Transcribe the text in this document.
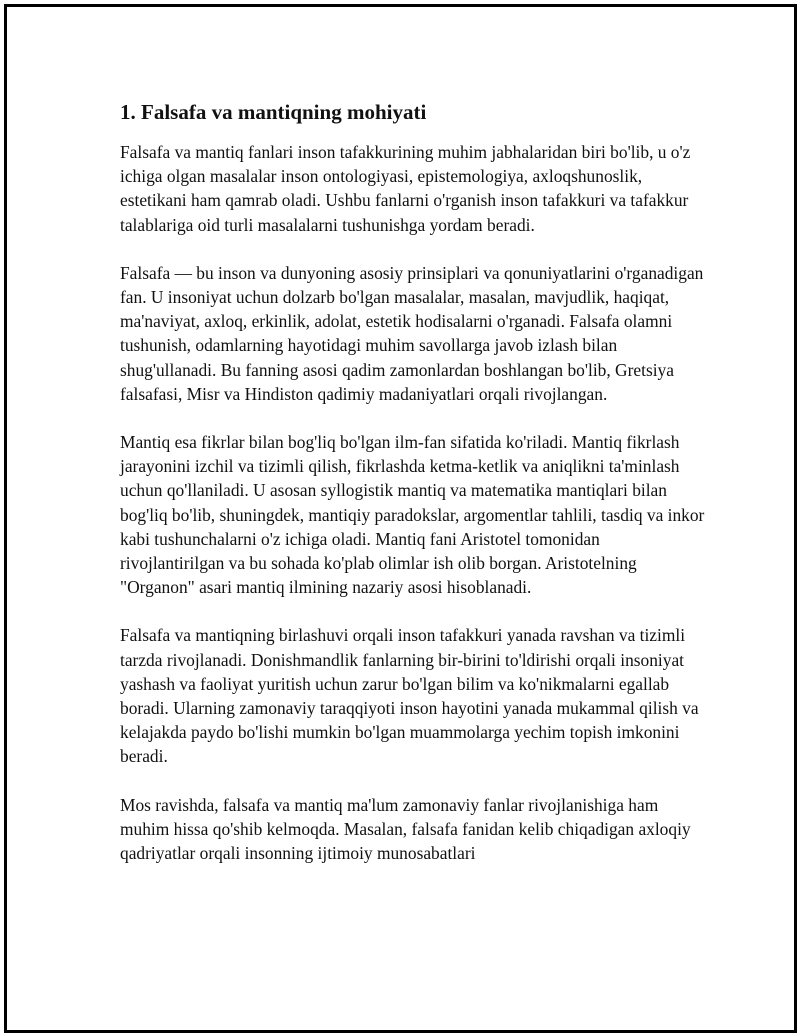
1. Falsafa va mantiqning mohiyati

Falsafa va mantiq fanlari inson tafakkurining muhim jabhalaridan biri bo'lib, u o'z ichiga olgan masalalar inson ontologiyasi, epistemologiya, axloqshunoslik, estetikani ham qamrab oladi. Ushbu fanlarni o'rganish inson tafakkuri va tafakkur talablariga oid turli masalalarni tushunishga yordam beradi.

Falsafa — bu inson va dunyoning asosiy prinsiplari va qonuniyatlarini o'rganadigan fan. U insoniyat uchun dolzarb bo'lgan masalalar, masalan, mavjudlik, haqiqat, ma'naviyat, axloq, erkinlik, adolat, estetik hodisalarni o'rganadi. Falsafa olamni tushunish, odamlarning hayotidagi muhim savollarga javob izlash bilan shug'ullanadi. Bu fanning asosi qadim zamonlardan boshlangan bo'lib, Gretsiya falsafasi, Misr va Hindiston qadimiy madaniyatlari orqali rivojlangan.

Mantiq esa fikrlar bilan bog'liq bo'lgan ilm-fan sifatida ko'riladi. Mantiq fikrlash jarayonini izchil va tizimli qilish, fikrlashda ketma-ketlik va aniqlikni ta'minlash uchun qo'llaniladi. U asosan syllogistik mantiq va matematika mantiqlari bilan bog'liq bo'lib, shuningdek, mantiqiy paradokslar, argomentlar tahlili, tasdiq va inkor kabi tushunchalarni o'z ichiga oladi. Mantiq fani Aristotel tomonidan rivojlantirilgan va bu sohada ko'plab olimlar ish olib borgan. Aristotelning "Organon" asari mantiq ilmining nazariy asosi hisoblanadi.

Falsafa va mantiqning birlashuvi orqali inson tafakkuri yanada ravshan va tizimli tarzda rivojlanadi. Donishmandlik fanlarning bir-birini to'ldirishi orqali insoniyat yashash va faoliyat yuritish uchun zarur bo'lgan bilim va ko'nikmalarni egallab boradi. Ularning zamonaviy taraqqiyoti inson hayotini yanada mukammal qilish va kelajakda paydo bo'lishi mumkin bo'lgan muammolarga yechim topish imkonini beradi.

Mos ravishda, falsafa va mantiq ma'lum zamonaviy fanlar rivojlanishiga ham muhim hissa qo'shib kelmoqda. Masalan, falsafa fanidan kelib chiqadigan axloqiy qadriyatlar orqali insonning ijtimoiy munosabatlari
